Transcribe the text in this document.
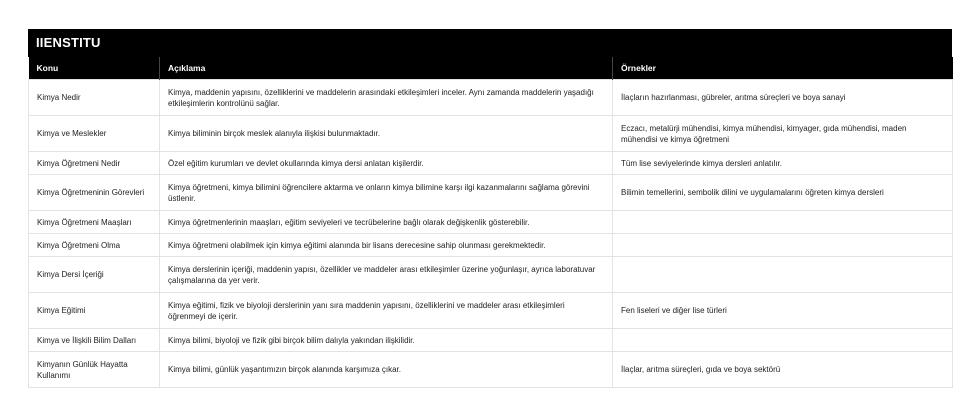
IIENSTITU
Konu	Açıklama	Örnekler
Kimya Nedir	Kimya, maddenin yapısını, özelliklerini ve maddelerin arasındaki etkileşimleri inceler. Aynı zamanda maddelerin yaşadığı etkileşimlerin kontrolünü sağlar.	İlaçların hazırlanması, gübreler, arıtma süreçleri ve boya sanayi
Kimya ve Meslekler	Kimya biliminin birçok meslek alanıyla ilişkisi bulunmaktadır.	Eczacı, metalürji mühendisi, kimya mühendisi, kimyager, gıda mühendisi, maden mühendisi ve kimya öğretmeni
Kimya Öğretmeni Nedir	Özel eğitim kurumları ve devlet okullarında kimya dersi anlatan kişilerdir.	Tüm lise seviyelerinde kimya dersleri anlatılır.
Kimya Öğretmeninin Görevleri	Kimya öğretmeni, kimya bilimini öğrencilere aktarma ve onların kimya bilimine karşı ilgi kazanmalarını sağlama görevini üstlenir.	Bilimin temellerini, sembolik dilini ve uygulamalarını öğreten kimya dersleri
Kimya Öğretmeni Maaşları	Kimya öğretmenlerinin maaşları, eğitim seviyeleri ve tecrübelerine bağlı olarak değişkenlik gösterebilir.	
Kimya Öğretmeni Olma	Kimya öğretmeni olabilmek için kimya eğitimi alanında bir lisans derecesine sahip olunması gerekmektedir.	
Kimya Dersi İçeriği	Kimya derslerinin içeriği, maddenin yapısı, özellikler ve maddeler arası etkileşimler üzerine yoğunlaşır, ayrıca laboratuvar çalışmalarına da yer verir.	
Kimya Eğitimi	Kimya eğitimi, fizik ve biyoloji derslerinin yanı sıra maddenin yapısını, özelliklerini ve maddeler arası etkileşimleri öğrenmeyi de içerir.	Fen liseleri ve diğer lise türleri
Kimya ve İlişkili Bilim Dalları	Kimya bilimi, biyoloji ve fizik gibi birçok bilim dalıyla yakından ilişkilidir.	
Kimyanın Günlük Hayatta Kullanımı	Kimya bilimi, günlük yaşantımızın birçok alanında karşımıza çıkar.	İlaçlar, arıtma süreçleri, gıda ve boya sektörü
